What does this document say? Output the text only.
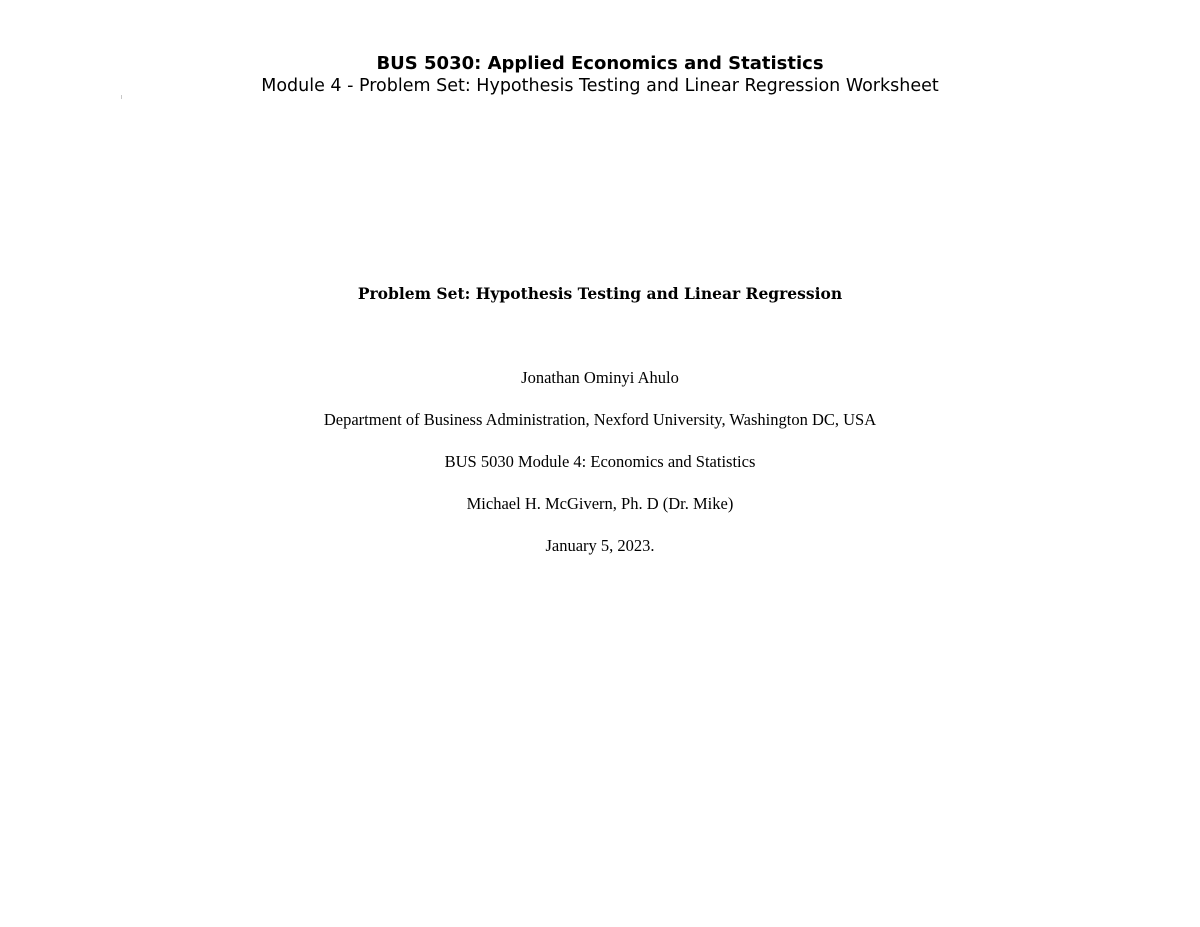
BUS 5030: Applied Economics and Statistics
Module 4 - Problem Set: Hypothesis Testing and Linear Regression Worksheet
Problem Set: Hypothesis Testing and Linear Regression
Jonathan Ominyi Ahulo
Department of Business Administration, Nexford University, Washington DC, USA
BUS 5030 Module 4: Economics and Statistics
Michael H. McGivern, Ph. D (Dr. Mike)
January 5, 2023.
